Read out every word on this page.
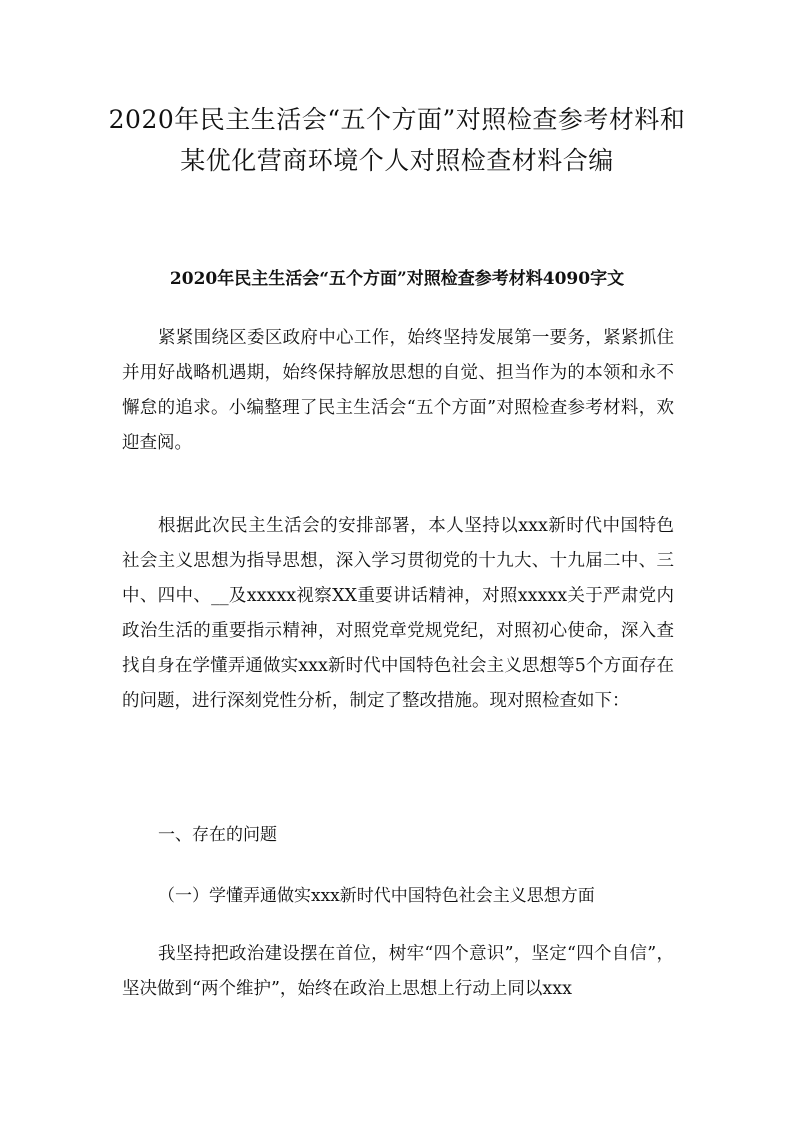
2020年民主生活会“五个方面”对照检查参考材料和
某优化营商环境个人对照检查材料合编
2020年民主生活会“五个方面”对照检查参考材料4090字文

紧紧围绕区委区政府中心工作，始终坚持发展第一要务，紧紧抓住并用好战略机遇期，始终保持解放思想的自觉、担当作为的本领和永不懈怠的追求。小编整理了民主生活会“五个方面”对照检查参考材料，欢迎查阅。

根据此次民主生活会的安排部署，本人坚持以xxx新时代中国特色社会主义思想为指导思想，深入学习贯彻党的十九大、十九届二中、三中、四中、__及xxxxx视察XX重要讲话精神，对照xxxxx关于严肃党内政治生活的重要指示精神，对照党章党规党纪，对照初心使命，深入查找自身在学懂弄通做实xxx新时代中国特色社会主义思想等5个方面存在的问题，进行深刻党性分析，制定了整改措施。现对照检查如下：

一、存在的问题
（一）学懂弄通做实xxx新时代中国特色社会主义思想方面

我坚持把政治建设摆在首位，树牢“四个意识”，坚定“四个自信”，坚决做到“两个维护”，始终在政治上思想上行动上同以xxx
